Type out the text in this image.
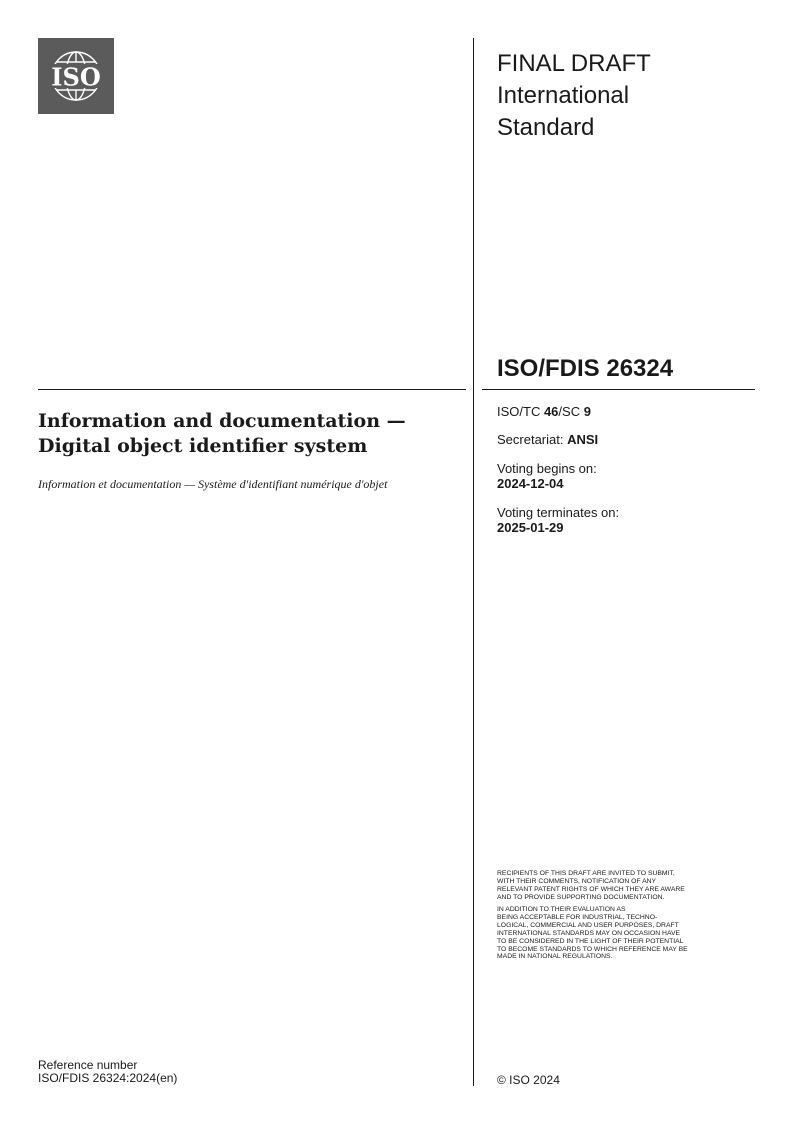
ISO	FINAL DRAFT
International
Standard
ISO/FDIS 26324
Information and documentation —
Digital object identifier system
Information et documentation — Système d'identifiant numérique d'objet
ISO/TC 46/SC 9
Secretariat: ANSI
Voting begins on:
2024-12-04
Voting terminates on:
2025-01-29
RECIPIENTS OF THIS DRAFT ARE INVITED TO SUBMIT,
WITH THEIR COMMENTS, NOTIFICATION OF ANY
RELEVANT PATENT RIGHTS OF WHICH THEY ARE AWARE
AND TO PROVIDE SUPPORTING DOCUMENTATION.
IN ADDITION TO THEIR EVALUATION AS
BEING ACCEPTABLE FOR INDUSTRIAL, TECHNO-
LOGICAL, COMMERCIAL AND USER PURPOSES, DRAFT
INTERNATIONAL STANDARDS MAY ON OCCASION HAVE
TO BE CONSIDERED IN THE LIGHT OF THEIR POTENTIAL
TO BECOME STANDARDS TO WHICH REFERENCE MAY BE
MADE IN NATIONAL REGULATIONS.
Reference number
ISO/FDIS 26324:2024(en)	© ISO 2024
